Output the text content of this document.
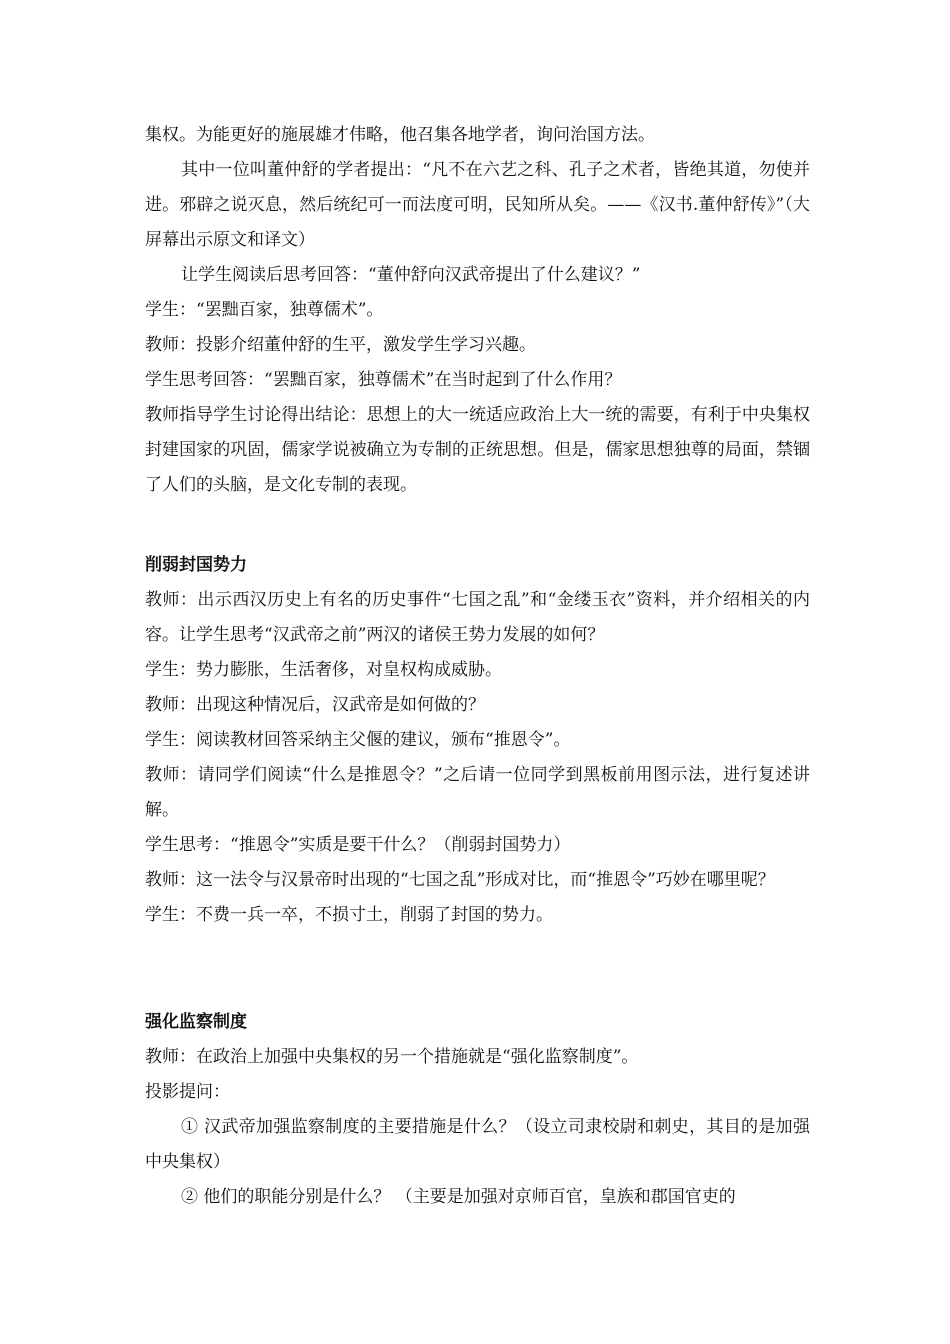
集权。为能更好的施展雄才伟略，他召集各地学者，询问治国方法。

其中一位叫董仲舒的学者提出：“凡不在六艺之科、孔子之术者，皆绝其道，勿使并进。邪辟之说灭息，然后统纪可一而法度可明，民知所从矣。——《汉书.董仲舒传》”（大屏幕出示原文和译文）

让学生阅读后思考回答：“董仲舒向汉武帝提出了什么建议？”

学生：“罢黜百家，独尊儒术”。

教师：投影介绍董仲舒的生平，激发学生学习兴趣。

学生思考回答：“罢黜百家，独尊儒术”在当时起到了什么作用？

教师指导学生讨论得出结论：思想上的大一统适应政治上大一统的需要，有利于中央集权封建国家的巩固，儒家学说被确立为专制的正统思想。但是，儒家思想独尊的局面，禁锢了人们的头脑，是文化专制的表现。

削弱封国势力

教师：出示西汉历史上有名的历史事件“七国之乱”和“金缕玉衣”资料，并介绍相关的内容。让学生思考“汉武帝之前”两汉的诸侯王势力发展的如何？

学生：势力膨胀，生活奢侈，对皇权构成威胁。

教师：出现这种情况后，汉武帝是如何做的？

学生：阅读教材回答采纳主父偃的建议，颁布“推恩令”。

教师：请同学们阅读“什么是推恩令？”之后请一位同学到黑板前用图示法，进行复述讲解。

学生思考：“推恩令”实质是要干什么？（削弱封国势力）

教师：这一法令与汉景帝时出现的“七国之乱”形成对比，而“推恩令”巧妙在哪里呢？

学生：不费一兵一卒，不损寸土，削弱了封国的势力。

强化监察制度

教师：在政治上加强中央集权的另一个措施就是“强化监察制度”。

投影提问：

① 汉武帝加强监察制度的主要措施是什么？（设立司隶校尉和刺史，其目的是加强中央集权）

② 他们的职能分别是什么？ （主要是加强对京师百官，皇族和郡国官吏的
